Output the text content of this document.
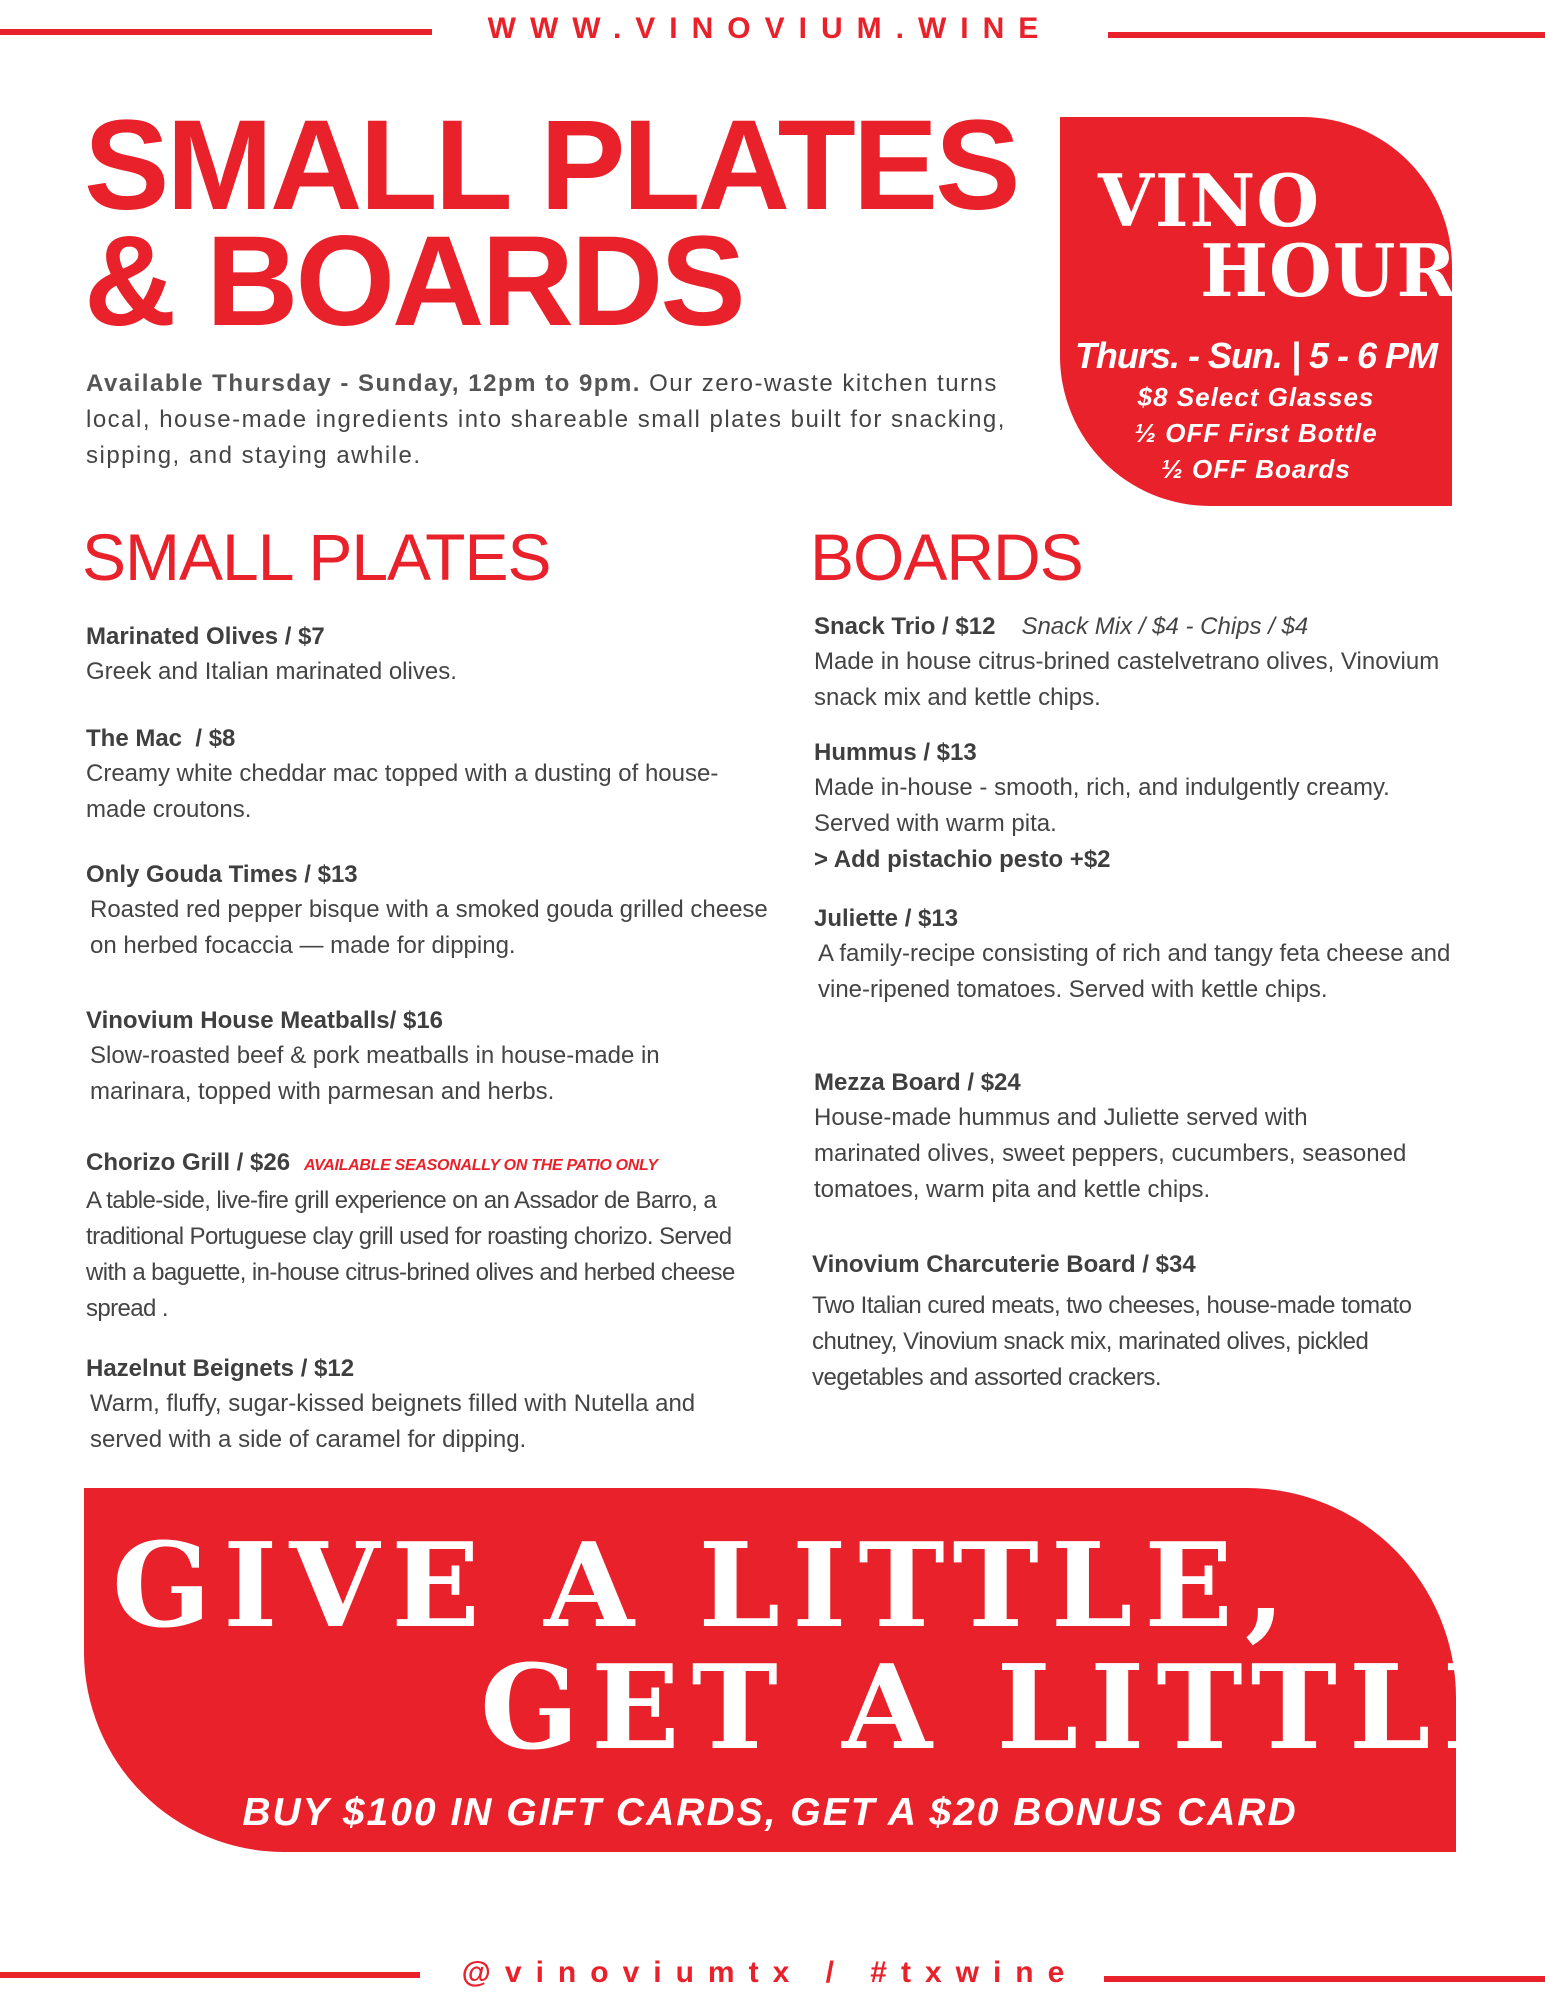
WWW.VINOVIUM.WINE
SMALL PLATES
& BOARDS
Available Thursday - Sunday, 12pm to 9pm. Our zero-waste kitchen turns local, house-made ingredients into shareable small plates built for snacking, sipping, and staying awhile.
VINO
HOUR
Thurs. - Sun. | 5 - 6 PM
$8 Select Glasses
½ OFF First Bottle
½ OFF Boards
SMALL PLATES	BOARDS
Marinated Olives / $7
Greek and Italian marinated olives.
The Mac  / $8
Creamy white cheddar mac topped with a dusting of house-made croutons.
Only Gouda Times / $13
Roasted red pepper bisque with a smoked gouda grilled cheese on herbed focaccia — made for dipping.
Vinovium House Meatballs/ $16
Slow-roasted beef & pork meatballs in house-made in marinara, topped with parmesan and herbs.
Chorizo Grill / $26 AVAILABLE SEASONALLY ON THE PATIO ONLY
A table-side, live-fire grill experience on an Assador de Barro, a traditional Portuguese clay grill used for roasting chorizo. Served with a baguette, in-house citrus-brined olives and herbed cheese spread .
Hazelnut Beignets / $12
Warm, fluffy, sugar-kissed beignets filled with Nutella and served with a side of caramel for dipping.
Snack Trio / $12 Snack Mix / $4 - Chips / $4
Made in house citrus-brined castelvetrano olives, Vinovium snack mix and kettle chips.
Hummus / $13
Made in-house - smooth, rich, and indulgently creamy. Served with warm pita.
> Add pistachio pesto +$2
Juliette / $13
A family-recipe consisting of rich and tangy feta cheese and vine-ripened tomatoes. Served with kettle chips.
Mezza Board / $24
House-made hummus and Juliette served with marinated olives, sweet peppers, cucumbers, seasoned tomatoes, warm pita and kettle chips.
Vinovium Charcuterie Board / $34
Two Italian cured meats, two cheeses, house-made tomato chutney, Vinovium snack mix, marinated olives, pickled vegetables and assorted crackers.
GIVE A LITTLE,
GET A LITTLE
BUY $100 IN GIFT CARDS, GET A $20 BONUS CARD
@vinoviumtx / #txwine
